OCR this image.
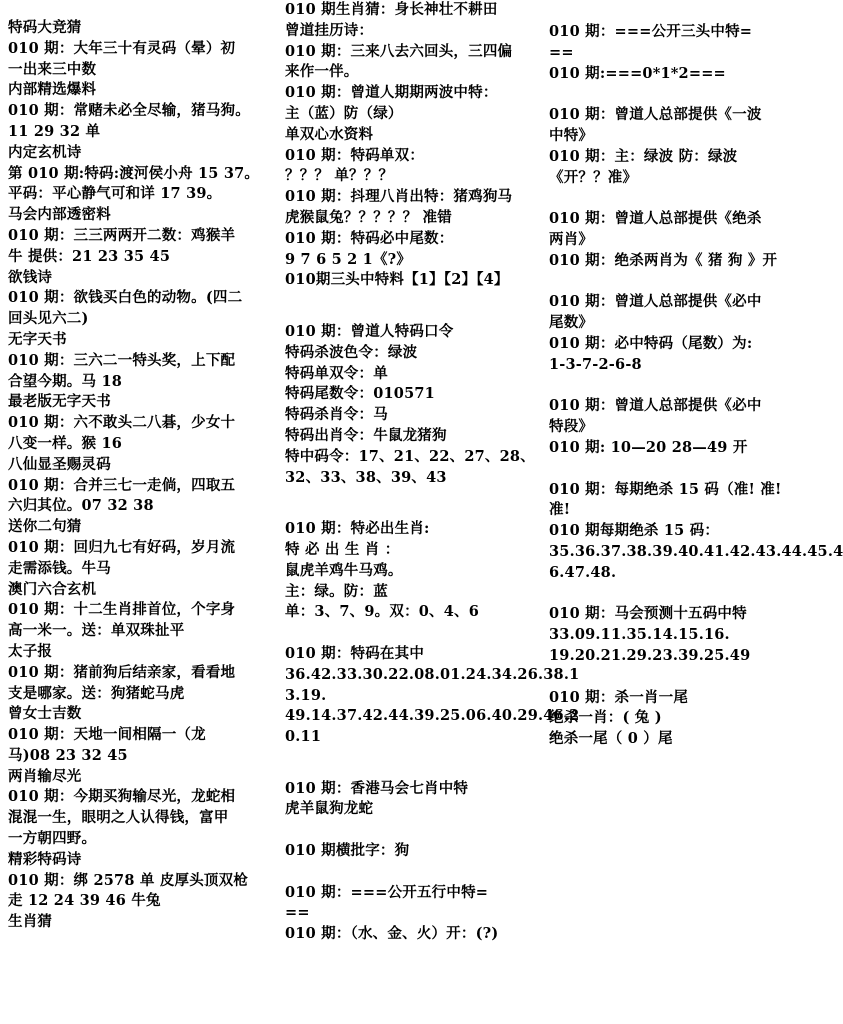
特码大竞猜
010 期：大年三十有灵码（晕）初
一出来三中数
内部精选爆料
010 期：常赌未必全尽输，猪马狗。
11 29 32 单
内定玄机诗
第 010 期:特码:渡河侯小舟 15 37。
平码：平心静气可和详 17 39。
马会内部透密料
010 期：三三两两开二数：鸡猴羊
牛 提供：21 23 35 45
欲钱诗
010 期：欲钱买白色的动物。(四二
回头见六二)
无字天书
010 期：三六二一特头奖，上下配
合望今期。马 18
最老版无字天书
010 期：六不敢头二八碁，少女十
八变一样。猴 16
八仙显圣赐灵码
010 期：合并三七一走倘，四取五
六归其位。07 32 38
送你二句猜
010 期：回归九七有好码，岁月流
走需添钱。牛马
澳门六合玄机
010 期：十二生肖排首位，个字身
高一米一。送：单双珠扯平
太子报
010 期：猪前狗后结亲家，看看地
支是哪家。送：狗猪蛇马虎
曾女士吉数
010 期：天地一间相隔一（龙
马)08 23 32 45
两肖输尽光
010 期：今期买狗输尽光，龙蛇相
混混一生，眼明之人认得钱，富甲
一方朝四野。
精彩特码诗
010 期：绑 2578 单 皮厚头顶双枪
走 12 24 39 46 牛兔
生肖猜
010 期生肖猜：身长神壮不耕田
曾道挂历诗：
010 期：三来八去六回头，三四偏
来作一伴。
010 期：曾道人期期两波中特：
主（蓝）防（绿）
单双心水资料
010 期：特码单双：
？？？ 单？？？
010 期：抖理八肖出特：猪鸡狗马
虎猴鼠兔？？？？？ 准错
010 期：特码必中尾数：
9 7 6 5 2 1《?》
010期三头中特料【1】【2】【4】
010 期：曾道人特码口令
特码杀波色令：绿波
特码单双令：单
特码尾数令：010571
特码杀肖令：马
特码出肖令：牛鼠龙猪狗
特中码令：17、21、22、27、28、
32、33、38、39、43
010 期：特必出生肖:
特 必 出 生 肖 ：
鼠虎羊鸡牛马鸡。
主：绿。防：蓝
单：3、7、9。双：0、4、6
010 期：特码在其中
36.42.33.30.22.08.01.24.34.26.38.1
3.19.
49.14.37.42.44.39.25.06.40.29.46.2
0.11
010 期：香港马会七肖中特
虎羊鼠狗龙蛇
010 期横批字：狗
010 期：===公开五行中特=
==
010 期：（水、金、火）开：(?)
010 期：===公开三头中特=
==
010 期:===0*1*2===
010 期：曾道人总部提供《一波
中特》
010 期：主：绿波 防：绿波
《开？？准》
010 期：曾道人总部提供《绝杀
两肖》
010 期：绝杀两肖为《 猪 狗 》开
010 期：曾道人总部提供《必中
尾数》
010 期：必中特码（尾数）为:
1-3-7-2-6-8
010 期：曾道人总部提供《必中
特段》
010 期: 10—20 28—49 开
010 期：每期绝杀 15 码（准! 准!
准!
010 期每期绝杀 15 码：
35.36.37.38.39.40.41.42.43.44.45.4
6.47.48.
010 期：马会预测十五码中特
33.09.11.35.14.15.16.
19.20.21.29.23.39.25.49
010 期：杀一肖一尾
绝杀一肖：( 兔 )
绝杀一尾（ 0 ）尾
